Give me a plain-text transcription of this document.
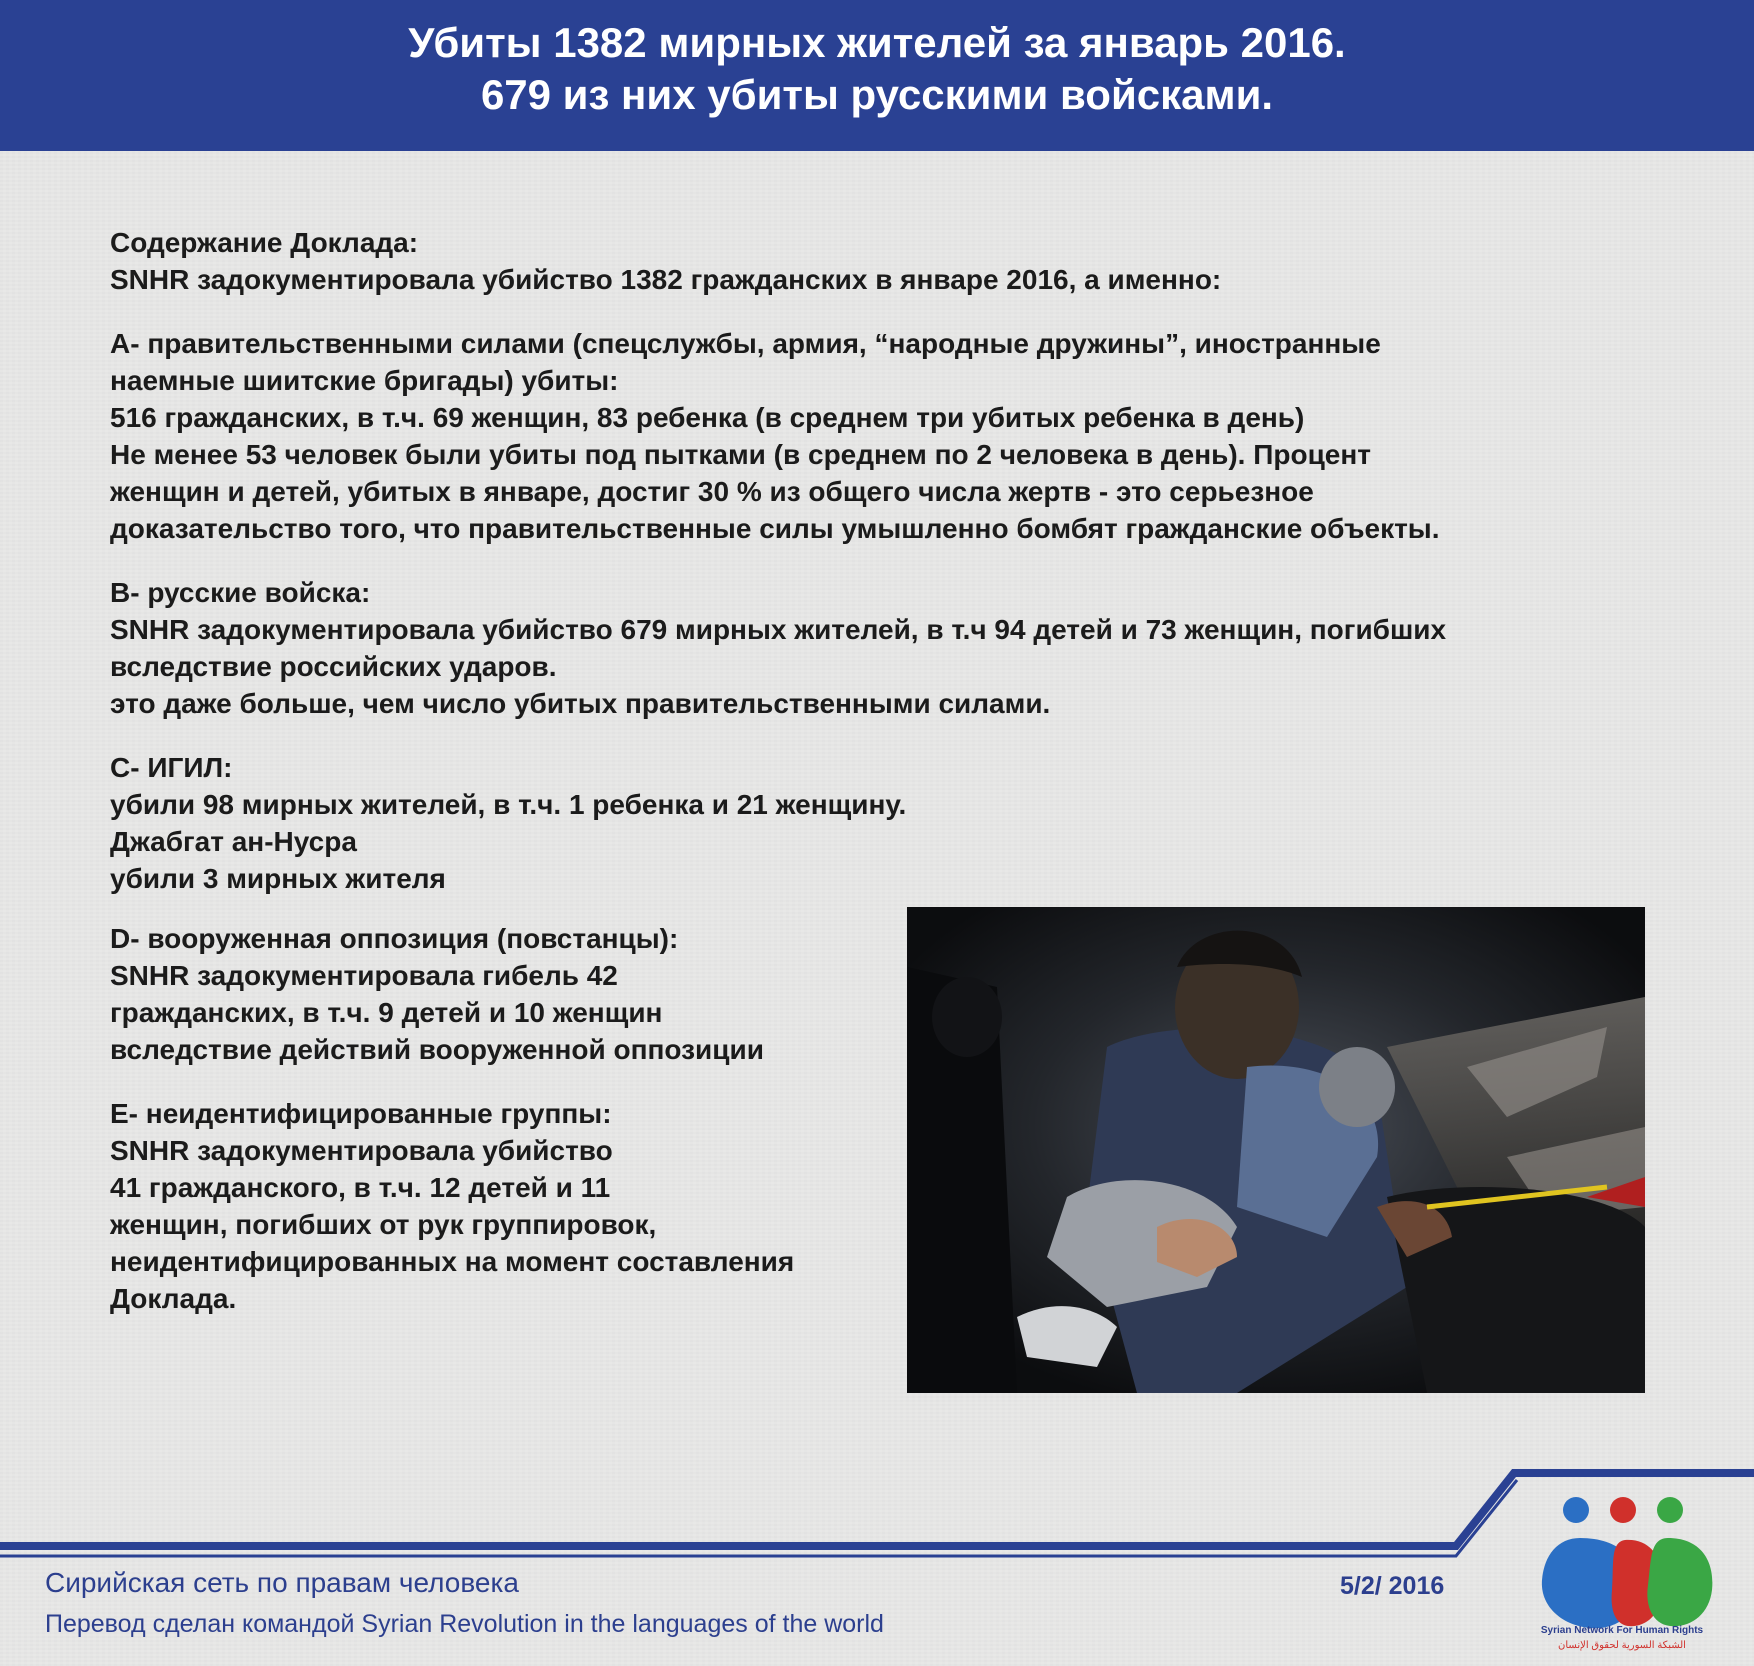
Убиты 1382 мирных жителей за январь 2016.
679 из них убиты русскими войсками.
Содержание Доклада:
SNHR задокументировала убийство 1382 гражданских в январе 2016, а именно:
А- правительственными силами (спецслужбы, армия, “народные дружины”, иностранные
наемные шиитские бригады) убиты:
516 гражданских, в т.ч. 69 женщин, 83 ребенка (в среднем три убитых ребенка в день)
Не менее 53 человек были убиты под пытками (в среднем по 2 человека в день). Процент
женщин и детей, убитых в январе, достиг 30 % из общего числа жертв - это серьезное
доказательство того, что правительственные силы умышленно бомбят гражданские объекты.
В- русские войска:
SNHR задокументировала убийство 679 мирных жителей, в т.ч 94 детей и 73 женщин, погибших
вследствие российских ударов.
это даже больше, чем число убитых правительственными силами.
С- ИГИЛ:
убили 98 мирных жителей, в т.ч. 1 ребенка и 21 женщину.
Джабгат ан-Нусра
убили 3 мирных жителя
D- вооруженная оппозиция (повстанцы):
SNHR задокументировала гибель 42
гражданских, в т.ч. 9 детей и 10 женщин
вследствие действий вооруженной оппозиции
E- неидентифицированные группы:
SNHR задокументировала убийство
41 гражданского, в т.ч. 12 детей и 11
женщин, погибших от рук группировок,
неидентифицированных на момент составления
Доклада.
Сирийская сеть по правам человека
Перевод сделан командой Syrian Revolution in the languages of the world
5/2/ 2016
Syrian Network For Human Rights
الشبكة السورية لحقوق الإنسان
